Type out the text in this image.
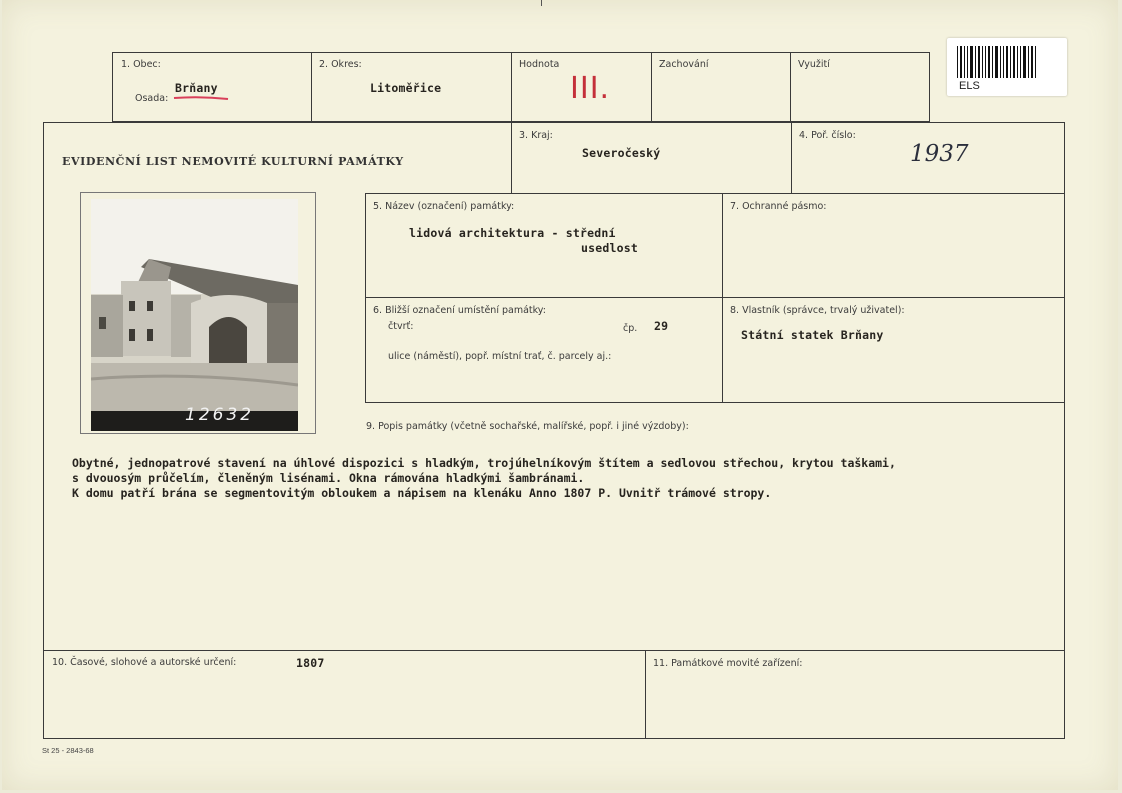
1. Obec:
Osada:
Brňany
2. Okres:
Litoměřice
Hodnota
III.
Zachování	Využití
ELS
EVIDENČNÍ LIST NEMOVITÉ KULTURNÍ PAMÁTKY
3. Kraj:
Severočeský
4. Poř. číslo:
1937
12632
5. Název (označení) památky:
lidová architektura - střední
usedlost
7. Ochranné pásmo:
6. Bližší označení umístění památky:
čtvrť:	čp. 29
ulice (náměstí), popř. místní trať, č. parcely aj.:
8. Vlastník (správce, trvalý uživatel):
Státní statek Brňany
9. Popis památky (včetně sochařské, malířské, popř. i jiné výzdoby):
Obytné, jednopatrové stavení na úhlové dispozici s hladkým, trojúhelníkovým štítem a sedlovou střechou, krytou taškami,
s dvouosým průčelím, členěným lisénami. Okna rámována hladkými šambránami.
K domu patří brána se segmentovitým obloukem a nápisem na klenáku Anno 1807 P. Uvnitř trámové stropy.
10. Časové, slohové a autorské určení:	1807	11. Památkové movité zařízení:
St 25 - 2843-68
